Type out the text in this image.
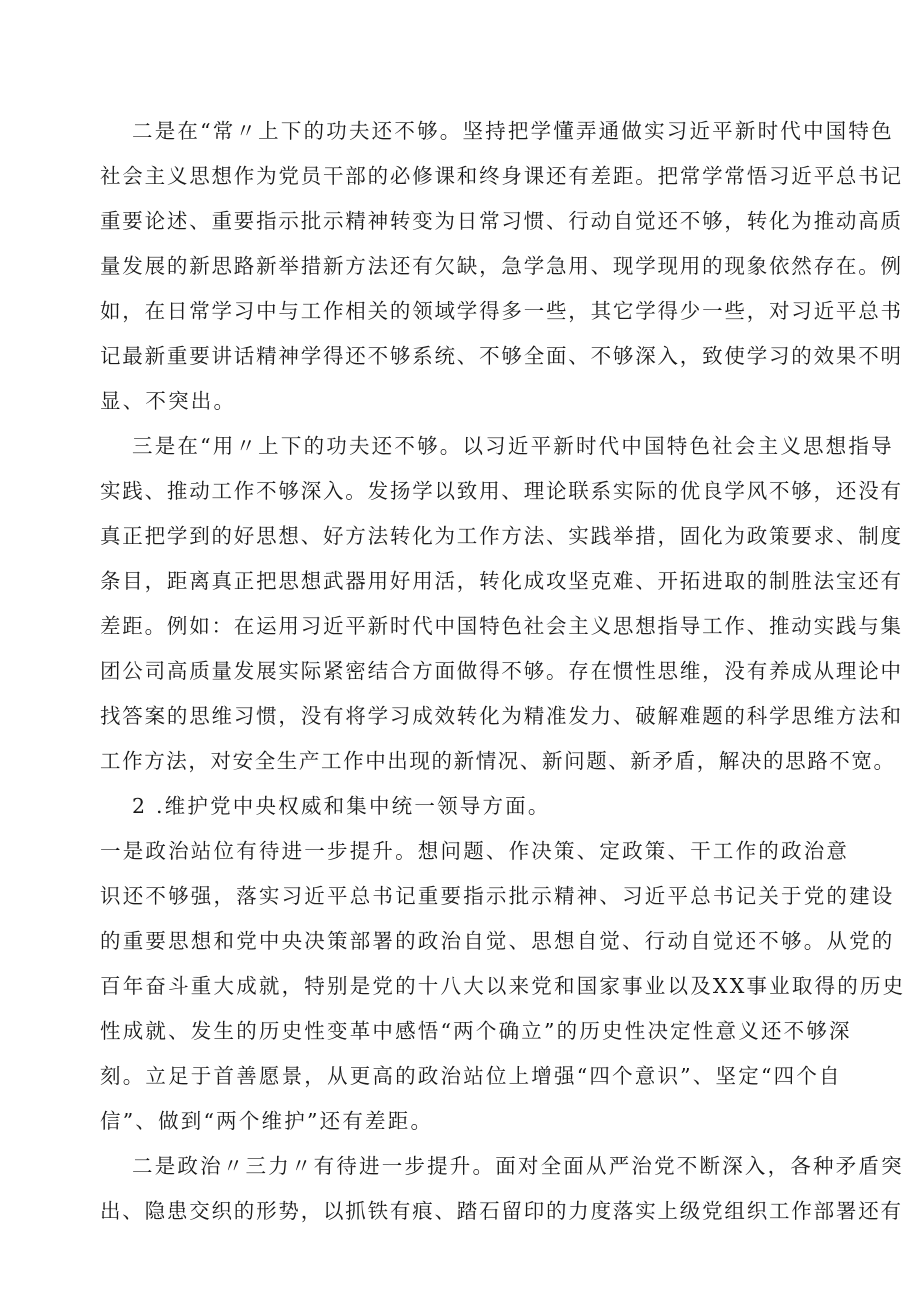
二是在“常〃上下的功夫还不够。坚持把学懂弄通做实习近平新时代中国特色
社会主义思想作为党员干部的必修课和终身课还有差距。把常学常悟习近平总书记
重要论述、重要指示批示精神转变为日常习惯、行动自觉还不够，转化为推动高质
量发展的新思路新举措新方法还有欠缺，急学急用、现学现用的现象依然存在。例
如，在日常学习中与工作相关的领域学得多一些，其它学得少一些，对习近平总书
记最新重要讲话精神学得还不够系统、不够全面、不够深入，致使学习的效果不明
显、不突出。
三是在“用〃上下的功夫还不够。以习近平新时代中国特色社会主义思想指导
实践、推动工作不够深入。发扬学以致用、理论联系实际的优良学风不够，还没有
真正把学到的好思想、好方法转化为工作方法、实践举措，固化为政策要求、制度
条目，距离真正把思想武器用好用活，转化成攻坚克难、开拓进取的制胜法宝还有
差距。例如：在运用习近平新时代中国特色社会主义思想指导工作、推动实践与集
团公司高质量发展实际紧密结合方面做得不够。存在惯性思维，没有养成从理论中
找答案的思维习惯，没有将学习成效转化为精准发力、破解难题的科学思维方法和
工作方法，对安全生产工作中出现的新情况、新问题、新矛盾，解决的思路不宽。
2 .维护党中央权威和集中统一领导方面。
一是政治站位有待进一步提升。想问题、作决策、定政策、干工作的政治意
识还不够强，落实习近平总书记重要指示批示精神、习近平总书记关于党的建设
的重要思想和党中央决策部署的政治自觉、思想自觉、行动自觉还不够。从党的
百年奋斗重大成就，特别是党的十八大以来党和国家事业以及XX事业取得的历史
性成就、发生的历史性变革中感悟“两个确立”的历史性决定性意义还不够深
刻。立足于首善愿景，从更高的政治站位上增强“四个意识”、坚定“四个自
信”、做到“两个维护”还有差距。
二是政治〃三力〃有待进一步提升。面对全面从严治党不断深入，各种矛盾突
出、隐患交织的形势，以抓铁有痕、踏石留印的力度落实上级党组织工作部署还有
